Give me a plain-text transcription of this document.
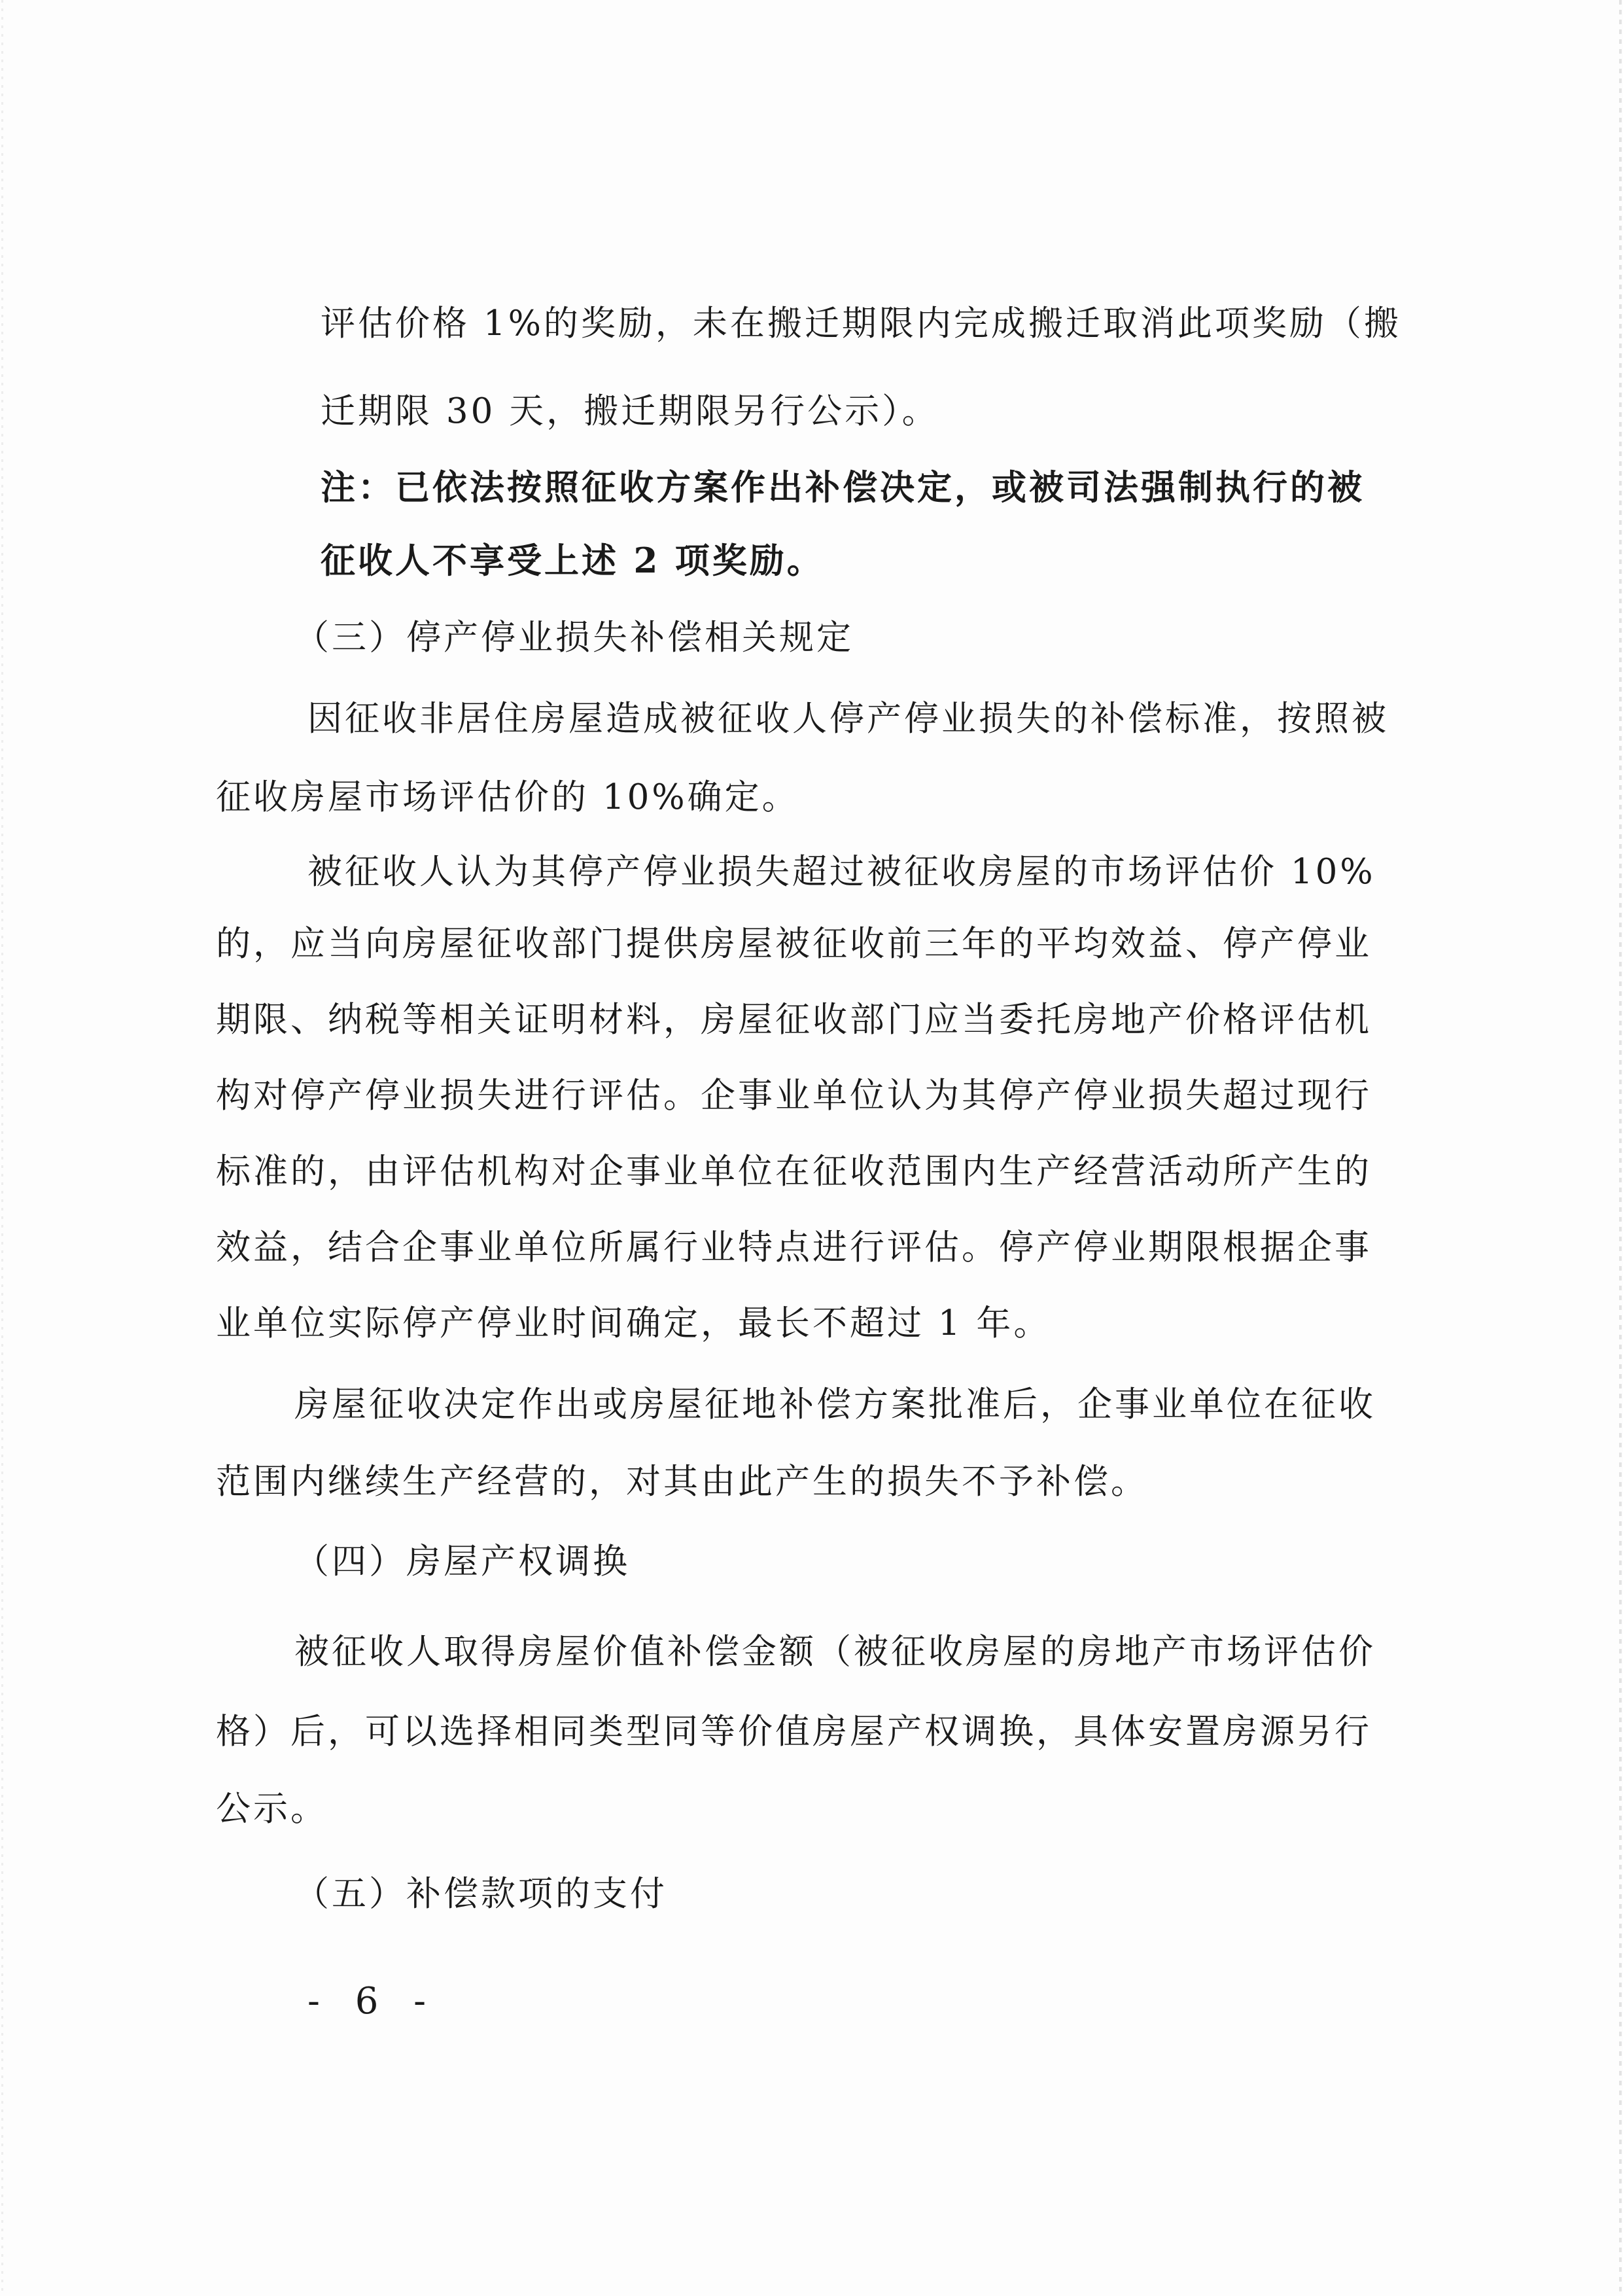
评估价格 1%的奖励，未在搬迁期限内完成搬迁取消此项奖励（搬
迁期限 30 天，搬迁期限另行公示）。
注：已依法按照征收方案作出补偿决定，或被司法强制执行的被
征收人不享受上述 2 项奖励。
（三）停产停业损失补偿相关规定
因征收非居住房屋造成被征收人停产停业损失的补偿标准，按照被
征收房屋市场评估价的 10%确定。
被征收人认为其停产停业损失超过被征收房屋的市场评估价 10%
的，应当向房屋征收部门提供房屋被征收前三年的平均效益、停产停业
期限、纳税等相关证明材料，房屋征收部门应当委托房地产价格评估机
构对停产停业损失进行评估。企事业单位认为其停产停业损失超过现行
标准的，由评估机构对企事业单位在征收范围内生产经营活动所产生的
效益，结合企事业单位所属行业特点进行评估。停产停业期限根据企事
业单位实际停产停业时间确定，最长不超过 1 年。
房屋征收决定作出或房屋征地补偿方案批准后，企事业单位在征收
范围内继续生产经营的，对其由此产生的损失不予补偿。
（四）房屋产权调换
被征收人取得房屋价值补偿金额（被征收房屋的房地产市场评估价
格）后，可以选择相同类型同等价值房屋产权调换，具体安置房源另行
公示。
（五）补偿款项的支付
- 6 -
